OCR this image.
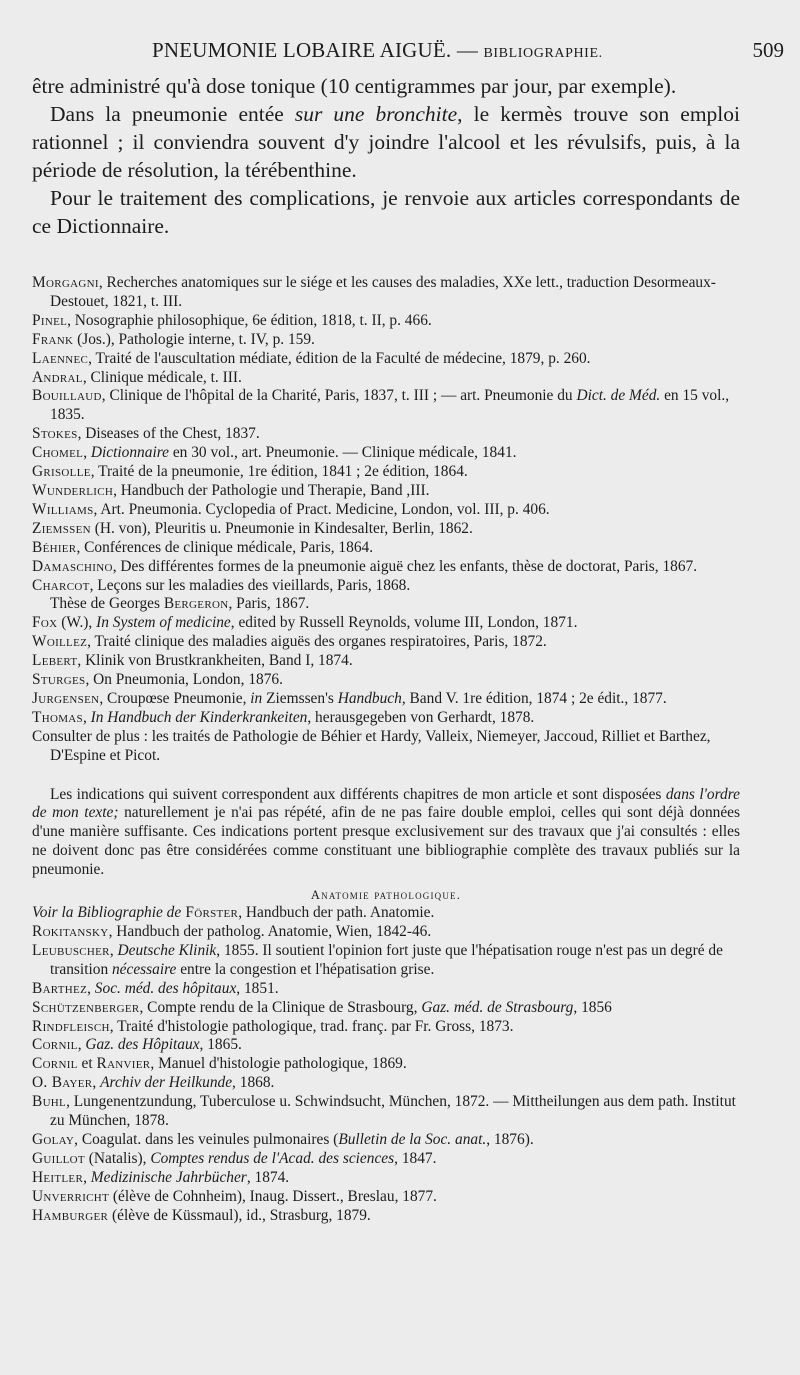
PNEUMONIE LOBAIRE AIGUË. — BIBLIOGRAPHIE.	509

être administré qu'à dose tonique (10 centigrammes par jour, par exemple).

Dans la pneumonie entée sur une bronchite, le kermès trouve son emploi rationnel ; il conviendra souvent d'y joindre l'alcool et les révulsifs, puis, à la période de résolution, la térébenthine.

Pour le traitement des complications, je renvoie aux articles correspondants de ce Dictionnaire.

Morgagni, Recherches anatomiques sur le siége et les causes des maladies, XXe lett., traduction Desormeaux-Destouet, 1821, t. III.

Pinel, Nosographie philosophique, 6e édition, 1818, t. II, p. 466.

Frank (Jos.), Pathologie interne, t. IV, p. 159.

Laennec, Traité de l'auscultation médiate, édition de la Faculté de médecine, 1879, p. 260.

Andral, Clinique médicale, t. III.

Bouillaud, Clinique de l'hôpital de la Charité, Paris, 1837, t. III ; — art. Pneumonie du Dict. de Méd. en 15 vol., 1835.

Stokes, Diseases of the Chest, 1837.

Chomel, Dictionnaire en 30 vol., art. Pneumonie. — Clinique médicale, 1841.

Grisolle, Traité de la pneumonie, 1re édition, 1841 ; 2e édition, 1864.

Wunderlich, Handbuch der Pathologie und Therapie, Band ,III.

Williams, Art. Pneumonia. Cyclopedia of Pract. Medicine, London, vol. III, p. 406.

Ziemssen (H. von), Pleuritis u. Pneumonie in Kindesalter, Berlin, 1862.

Béhier, Conférences de clinique médicale, Paris, 1864.

Damaschino, Des différentes formes de la pneumonie aiguë chez les enfants, thèse de doctorat, Paris, 1867.

Charcot, Leçons sur les maladies des vieillards, Paris, 1868.

Thèse de Georges Bergeron, Paris, 1867.

Fox (W.), In System of medicine, edited by Russell Reynolds, volume III, London, 1871.

Woillez, Traité clinique des maladies aiguës des organes respiratoires, Paris, 1872.

Lebert, Klinik von Brustkrankheiten, Band I, 1874.

Sturges, On Pneumonia, London, 1876.

Jurgensen, Croupœse Pneumonie, in Ziemssen's Handbuch, Band V. 1re édition, 1874 ; 2e édit., 1877.

Thomas, In Handbuch der Kinderkrankeiten, herausgegeben von Gerhardt, 1878.

Consulter de plus : les traités de Pathologie de Béhier et Hardy, Valleix, Niemeyer, Jaccoud, Rilliet et Barthez, D'Espine et Picot.

Les indications qui suivent correspondent aux différents chapitres de mon article et sont disposées dans l'ordre de mon texte; naturellement je n'ai pas répété, afin de ne pas faire double emploi, celles qui sont déjà données d'une manière suffisante. Ces indications portent presque exclusivement sur des travaux que j'ai consultés : elles ne doivent donc pas être considérées comme constituant une bibliographie complète des travaux publiés sur la pneumonie.
Anatomie pathologique.

Voir la Bibliographie de Förster, Handbuch der path. Anatomie.

Rokitansky, Handbuch der patholog. Anatomie, Wien, 1842-46.

Leubuscher, Deutsche Klinik, 1855. Il soutient l'opinion fort juste que l'hépatisation rouge n'est pas un degré de transition nécessaire entre la congestion et l'hépatisation grise.

Barthez, Soc. méd. des hôpitaux, 1851.

Schützenberger, Compte rendu de la Clinique de Strasbourg, Gaz. méd. de Strasbourg, 1856

Rindfleisch, Traité d'histologie pathologique, trad. franç. par Fr. Gross, 1873.

Cornil, Gaz. des Hôpitaux, 1865.

Cornil et Ranvier, Manuel d'histologie pathologique, 1869.

O. Bayer, Archiv der Heilkunde, 1868.

Buhl, Lungenentzundung, Tuberculose u. Schwindsucht, München, 1872. — Mittheilungen aus dem path. Institut zu München, 1878.

Golay, Coagulat. dans les veinules pulmonaires (Bulletin de la Soc. anat., 1876).

Guillot (Natalis), Comptes rendus de l'Acad. des sciences, 1847.

Heitler, Medizinische Jahrbücher, 1874.

Unverricht (élève de Cohnheim), Inaug. Dissert., Breslau, 1877.

Hamburger (élève de Küssmaul), id., Strasburg, 1879.
